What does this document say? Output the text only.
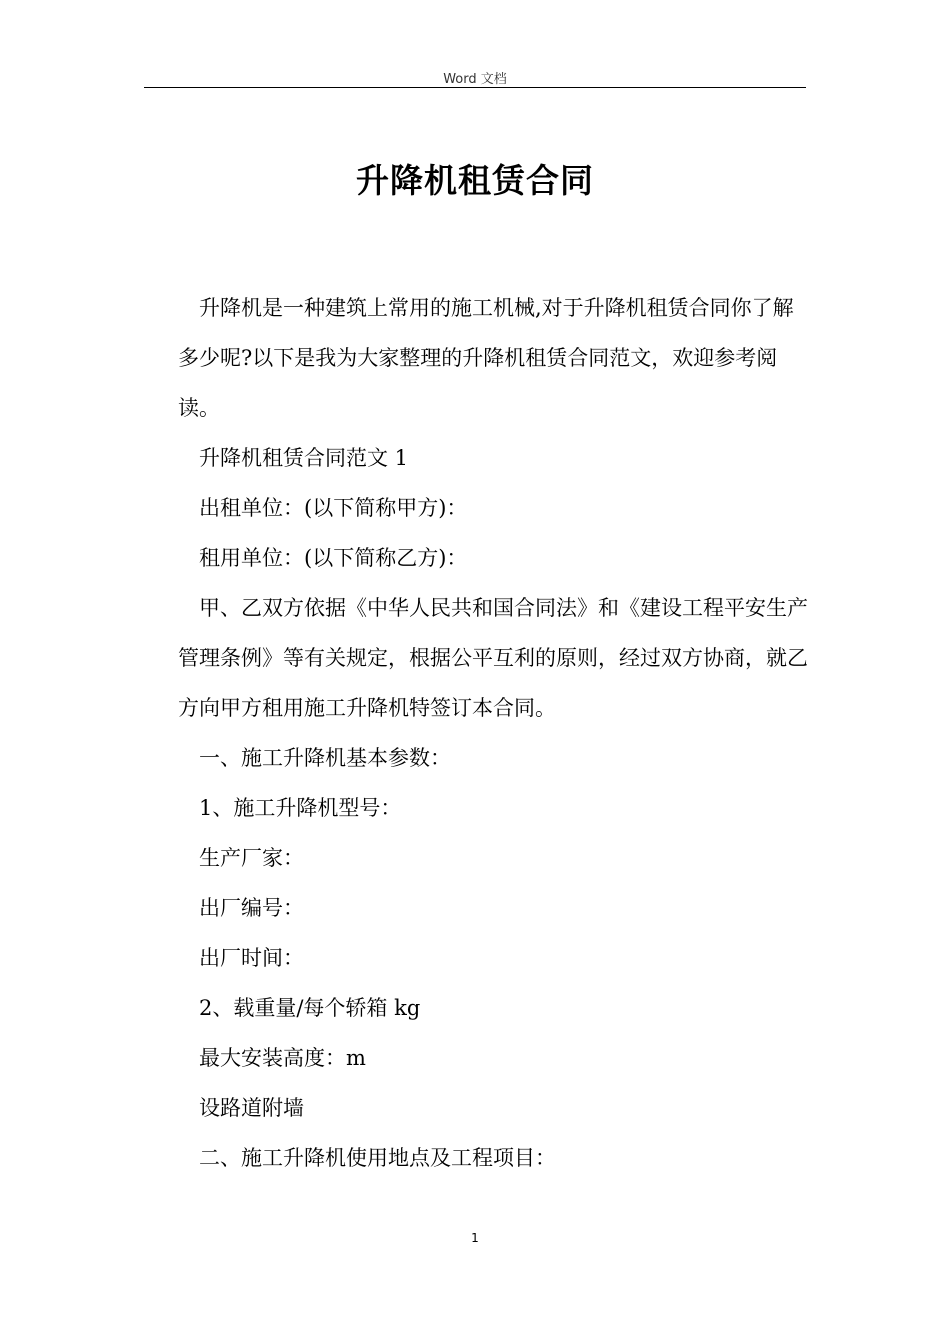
Word 文档
升降机租赁合同

升降机是一种建筑上常用的施工机械,对于升降机租赁合同你了解多少呢?以下是我为大家整理的升降机租赁合同范文，欢迎参考阅读。

升降机租赁合同范文 1

出租单位：(以下简称甲方)：

租用单位：(以下简称乙方)：

甲、乙双方依据《中华人民共和国合同法》和《建设工程平安生产管理条例》等有关规定，根据公平互利的原则，经过双方协商，就乙方向甲方租用施工升降机特签订本合同。

一、施工升降机基本参数：

1、施工升降机型号：

生产厂家：

出厂编号：

出厂时间：

2、载重量/每个轿箱 kg

最大安装高度：m

设路道附墙

二、施工升降机使用地点及工程项目：

1
